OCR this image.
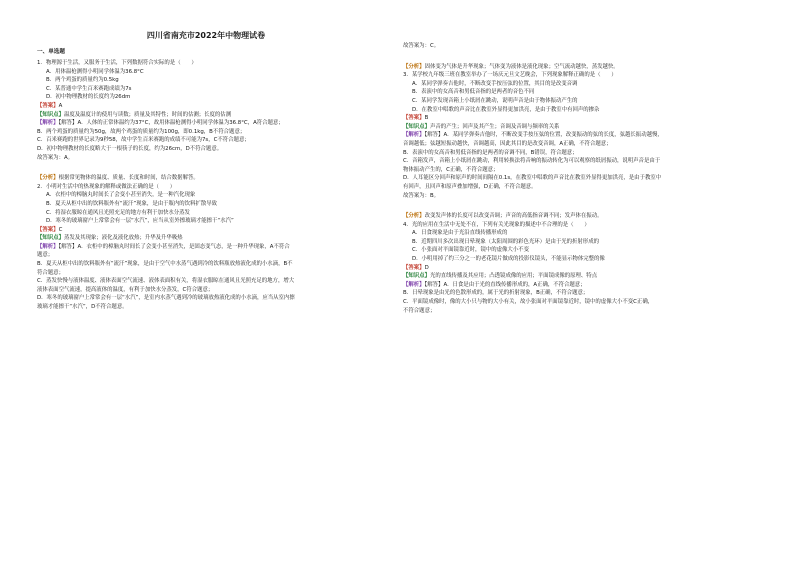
四川省南充市2022年中物理试卷

一、单选题

1．物理源于生活，又服务于生活，下列数据符合实际的是（　　）

A．用体温枪测得小明同学体温为36.8°C

B．两个鸡蛋的质量约为0.5kg

C．某普通中学生百米赛跑成绩为7s

D．初中物理教材的长度约为26dm

【答案】A

【知识点】温度及温度计的使用与读数；质量及其特性；时间的估测；长度的估测

【解析】【解答】A．人体的正常体温约为37°C，故用体温枪测得小明同学体温为36.8°C，A符合题意；

B．两个鸡蛋的质量约为50g，故两个鸡蛋的质量约为100g，即0.1kg，B不符合题意；

C．百米赛跑的世界记录为9秒58，故中学生百米赛跑的成绩不可能为7s，C不符合题意；

D．初中物理教材的长度略大于一根筷子的长度，约为26cm，D不符合题意。

故答案为：A。

【分析】根据常见物体的温度、质量、长度和时间，结合数据解答。

2．小明对生活中的热现象的解释或做法正确的是（　　）

A．衣柜中的樟脑丸时间长了会变小甚至消失，是一种汽化现象

B．夏天从柜中出的饮料瓶外有“流汗”现象，是由于瓶内的饮料扩散导致

C．将湿衣服晾在通风且光照充足的地方有利于加快水分蒸发

D．寒冬的玻璃窗户上常常会有一层“水汽”，应当从室外擦玻璃才能擦干“水汽”

【答案】C

【知识点】蒸发及其现象；液化及液化放热；升华及升华吸热

【解析】【解答】A．衣柜中的樟脑丸时间长了会变小甚至消失，是固态变气态，是一种升华现象，A不符合

题意；

B．夏天从柜中出的饮料瓶外有“流汗”现象，是由于空气中水蒸气遇到冷的饮料瓶放热液化成的小水滴，B不

符合题意；

C．蒸发快慢与液体温度、液体表面空气流速、液体表面积有关，将湿衣服晾在通风且光照充足的地方，增大

液体表面空气流速，提高液体的温度，有利于加快水分蒸发，C符合题意；

D．寒冬的玻璃窗户上常常会有一层“水汽”，是室内水蒸气遇到冷的玻璃放热液化成的小水滴，应当从室内擦

玻璃才能擦干“水汽”，D不符合题意。

故答案为：C。

【分析】固体变为气体是升华现象；气体变为液体是液化现象；空气流动越快，蒸发越快。

3．某学校九年级三班在教室举办了一场庆元旦文艺晚会，下列现象解释正确的是（　　）

A．某同学弹奏吉他时，不断改变手按压弦的位置，其目的是改变音调

B．表演中的女高音和男低音指的是两者的音色不同

C．某同学发现音箱上小纸屑在跳动，说明声音是由于物体振动产生的

D．在教室中唱歌的声音比在教室外显得更加洪亮，是由于教室中有回声的掺杂

【答案】B

【知识点】声音的产生；回声及其产生；音调及音调与频率的关系

【解析】【解答】A．某同学弹奏吉他时，不断改变手按压弦的位置，改变振动的弦的长度，弦越长振动越慢，

音调越低；弦越短振动越快，音调越高，因此其目的是改变音调，A正确，不符合题意；

B．表演中的女高音和男低音指的是两者的音调不同，B错误，符合题意；

C．音箱发声，音箱上小纸屑在跳动，利用转换法将音响的振动转化为可以观察的纸屑振动，说明声音是由于

物体振动产生的，C正确，不符合题意；

D．人耳能区分回声和原声的时间间隔在0.1s，在教室中唱歌的声音比在教室外显得更加洪亮，是由于教室中

有回声，且回声和原声叠加增强，D正确，不符合题意。

故答案为：B。

【分析】改变发声体的长度可以改变音调；声音的高低指音调不同；发声体在振动。

4．光的应用在生活中无处不在，下列有关光现象的描述中不合理的是（　　）

A．日食现象是由于光沿直线传播形成的

B．近期四川多次出现日晕现象（太阳周围的彩色光环）是由于光的折射形成的

C．小张面对平面镜靠近时，镜中的虚像大小不变

D．小明用掉了约三分之一的老花镜片做成的投影仪镜头，不能显示物体完整的像

【答案】D

【知识点】光的直线传播及其应用；凸透镜成像的应用；平面镜成像的原理、特点

【解析】【解答】A．日食是由于光的直线传播形成的，A正确，不符合题意；

B．日晕现象是由光的色散形成的，属于光的折射现象，B正确，不符合题意；

C．平面镜成像时，像的大小只与物的大小有关，故小张面对平面镜靠近时，镜中的虚像大小不变C正确，

不符合题意；
